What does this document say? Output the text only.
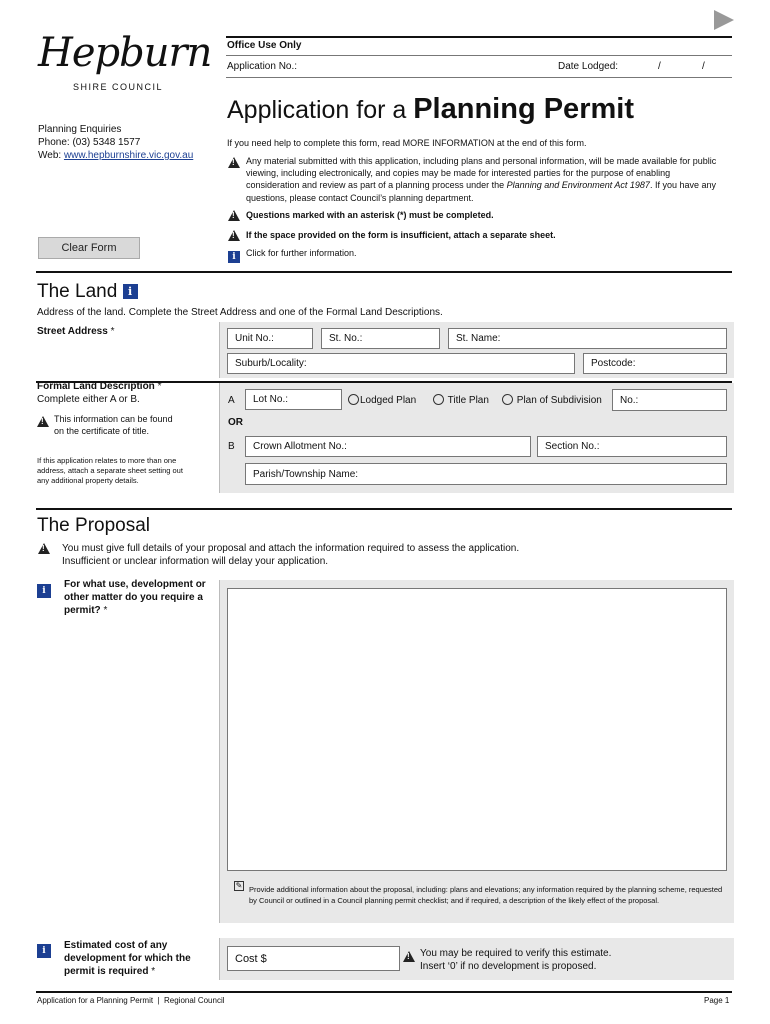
Hepburn
SHIRE COUNCIL
Planning Enquiries
Phone: (03) 5348 1577
Web: www.hepburnshire.vic.gov.au
Clear Form
Office Use Only
Application No.:	Date Lodged:	/	/
Application for a Planning Permit
If you need help to complete this form, read MORE INFORMATION at the end of this form.
!
Any material submitted with this application, including plans and personal information, will be made available for public viewing, including electronically, and copies may be made for interested parties for the purpose of enabling consideration and review as part of a planning process under the Planning and Environment Act 1987. If you have any questions, please contact Council’s planning department.
!
Questions marked with an asterisk (*) must be completed.
!
If the space provided on the form is insufficient, attach a separate sheet.
i	Click for further information.
The Land i
Address of the land. Complete the Street Address and one of the Formal Land Descriptions.
Street Address *
Unit No.:	St. No.:	St. Name:
Suburb/Locality:	Postcode:
Formal Land Description *
Complete either A or B.
!
This information can be found on the certificate of title.
If this application relates to more than one address, attach a separate sheet setting out any additional property details.
A	Lot No.:	Lodged Plan	Title Plan	Plan of Subdivision	No.:
OR
B	Crown Allotment No.:	Section No.:
Parish/Township Name:
The Proposal
!
You must give full details of your proposal and attach the information required to assess the application.
Insufficient or unclear information will delay your application.
i
For what use, development or other matter do you require a permit? *
✎ Provide additional information about the proposal, including: plans and elevations; any information required by the planning scheme, requested by Council or outlined in a Council planning permit checklist; and if required, a description of the likely effect of the proposal.
i	Estimated cost of any development for which the permit is required *
Cost $
!	You may be required to verify this estimate.
Insert ‘0’ if no development is proposed.
Application for a Planning Permit  |  Regional Council	Page 1
